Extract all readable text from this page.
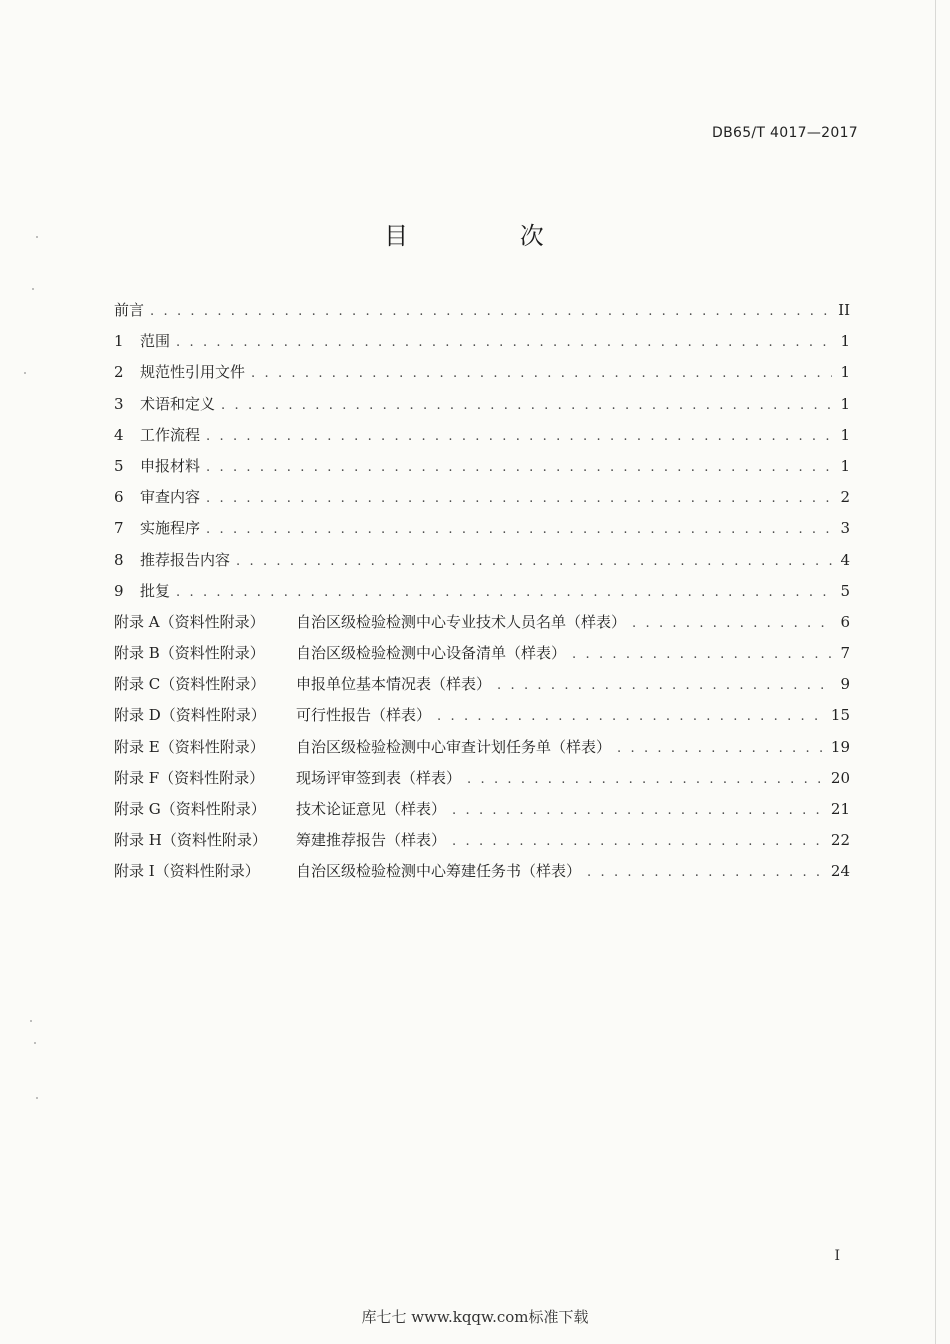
DB65/T 4017—2017
目 次
前言 . . .	II
1	范围 . . .	1
2	规范性引用文件 . . .	1
3	术语和定义 . . .	1
4	工作流程 . . .	1
5	申报材料 . . .	1
6	审查内容 . . .	2
7	实施程序 . . .	3
8	推荐报告内容 . . .	4
9	批复 . . .	5
附录 A（资料性附录）	自治区级检验检测中心专业技术人员名单（样表） . . .	6
附录 B（资料性附录）	自治区级检验检测中心设备清单（样表） . . .	7
附录 C（资料性附录）	申报单位基本情况表（样表） . . .	9
附录 D（资料性附录）	可行性报告（样表） . . .	15
附录 E（资料性附录）	自治区级检验检测中心审查计划任务单（样表） . . .	19
附录 F（资料性附录）	现场评审签到表（样表） . . .	20
附录 G（资料性附录）	技术论证意见（样表） . . .	21
附录 H（资料性附录）	筹建推荐报告（样表） . . .	22
附录 I（资料性附录）	自治区级检验检测中心筹建任务书（样表） . . .	24
I
库七七 www.kqqw.com标准下载
